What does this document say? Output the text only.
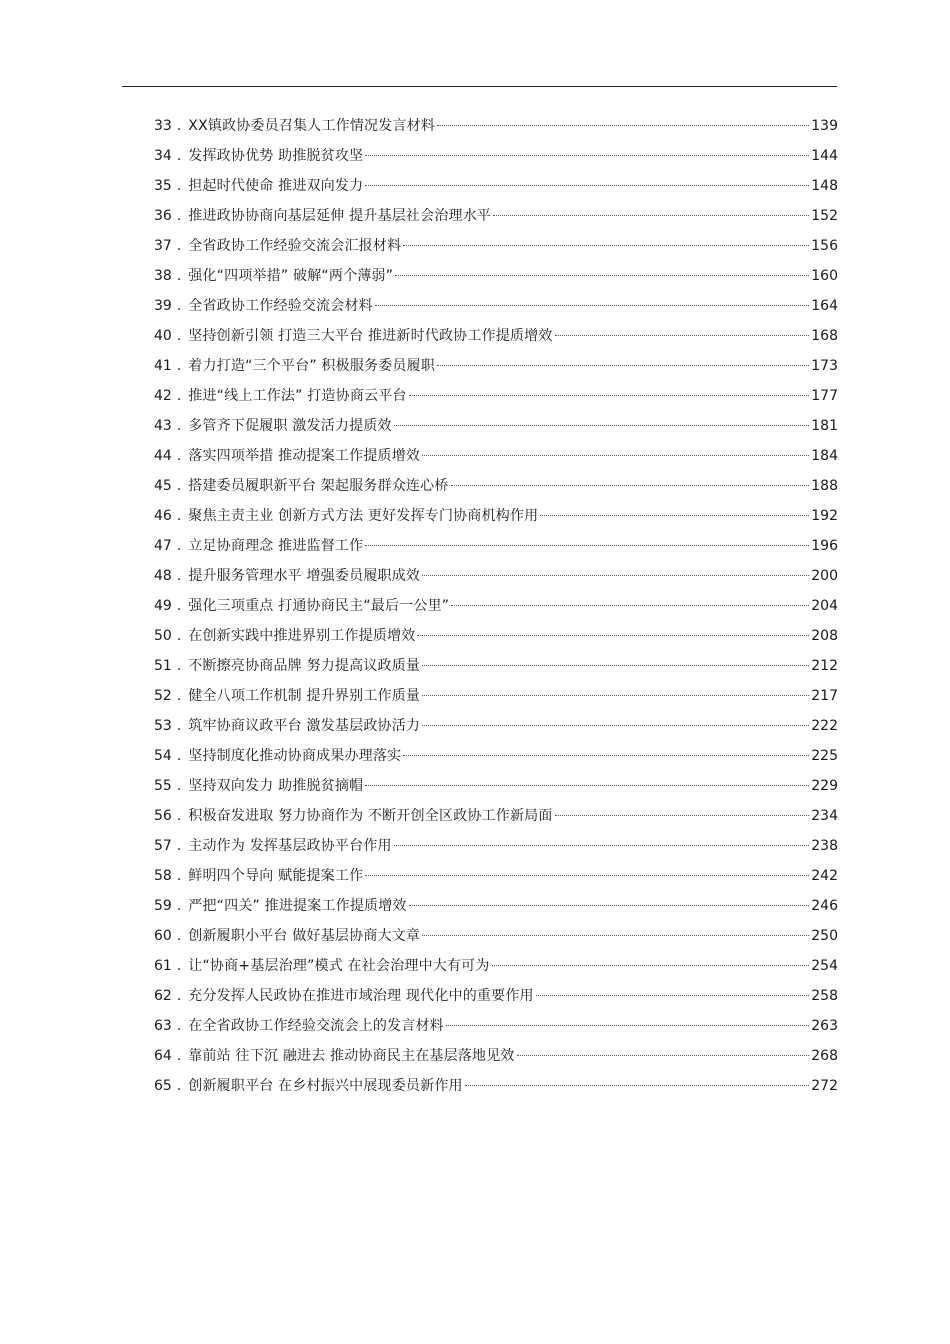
33 . XX镇政协委员召集人工作情况发言材料	139
34 . 发挥政协优势 助推脱贫攻坚	144
35 . 担起时代使命 推进双向发力	148
36 . 推进政协协商向基层延伸 提升基层社会治理水平	152
37 . 全省政协工作经验交流会汇报材料	156
38 . 强化“四项举措” 破解“两个薄弱”	160
39 . 全省政协工作经验交流会材料	164
40 . 坚持创新引领 打造三大平台 推进新时代政协工作提质增效	168
41 . 着力打造“三个平台” 积极服务委员履职	173
42 . 推进“线上工作法” 打造协商云平台	177
43 . 多管齐下促履职 激发活力提质效	181
44 . 落实四项举措 推动提案工作提质增效	184
45 . 搭建委员履职新平台 架起服务群众连心桥	188
46 . 聚焦主责主业 创新方式方法 更好发挥专门协商机构作用	192
47 . 立足协商理念 推进监督工作	196
48 . 提升服务管理水平 增强委员履职成效	200
49 . 强化三项重点 打通协商民主“最后一公里”	204
50 . 在创新实践中推进界别工作提质增效	208
51 . 不断擦亮协商品牌 努力提高议政质量	212
52 . 健全八项工作机制 提升界别工作质量	217
53 . 筑牢协商议政平台 激发基层政协活力	222
54 . 坚持制度化推动协商成果办理落实	225
55 . 坚持双向发力 助推脱贫摘帽	229
56 . 积极奋发进取 努力协商作为 不断开创全区政协工作新局面	234
57 . 主动作为 发挥基层政协平台作用	238
58 . 鲜明四个导向 赋能提案工作	242
59 . 严把“四关” 推进提案工作提质增效	246
60 . 创新履职小平台 做好基层协商大文章	250
61 . 让“协商+基层治理”模式 在社会治理中大有可为	254
62 . 充分发挥人民政协在推进市域治理 现代化中的重要作用	258
63 . 在全省政协工作经验交流会上的发言材料	263
64 . 靠前站 往下沉 融进去 推动协商民主在基层落地见效	268
65 . 创新履职平台 在乡村振兴中展现委员新作用	272
